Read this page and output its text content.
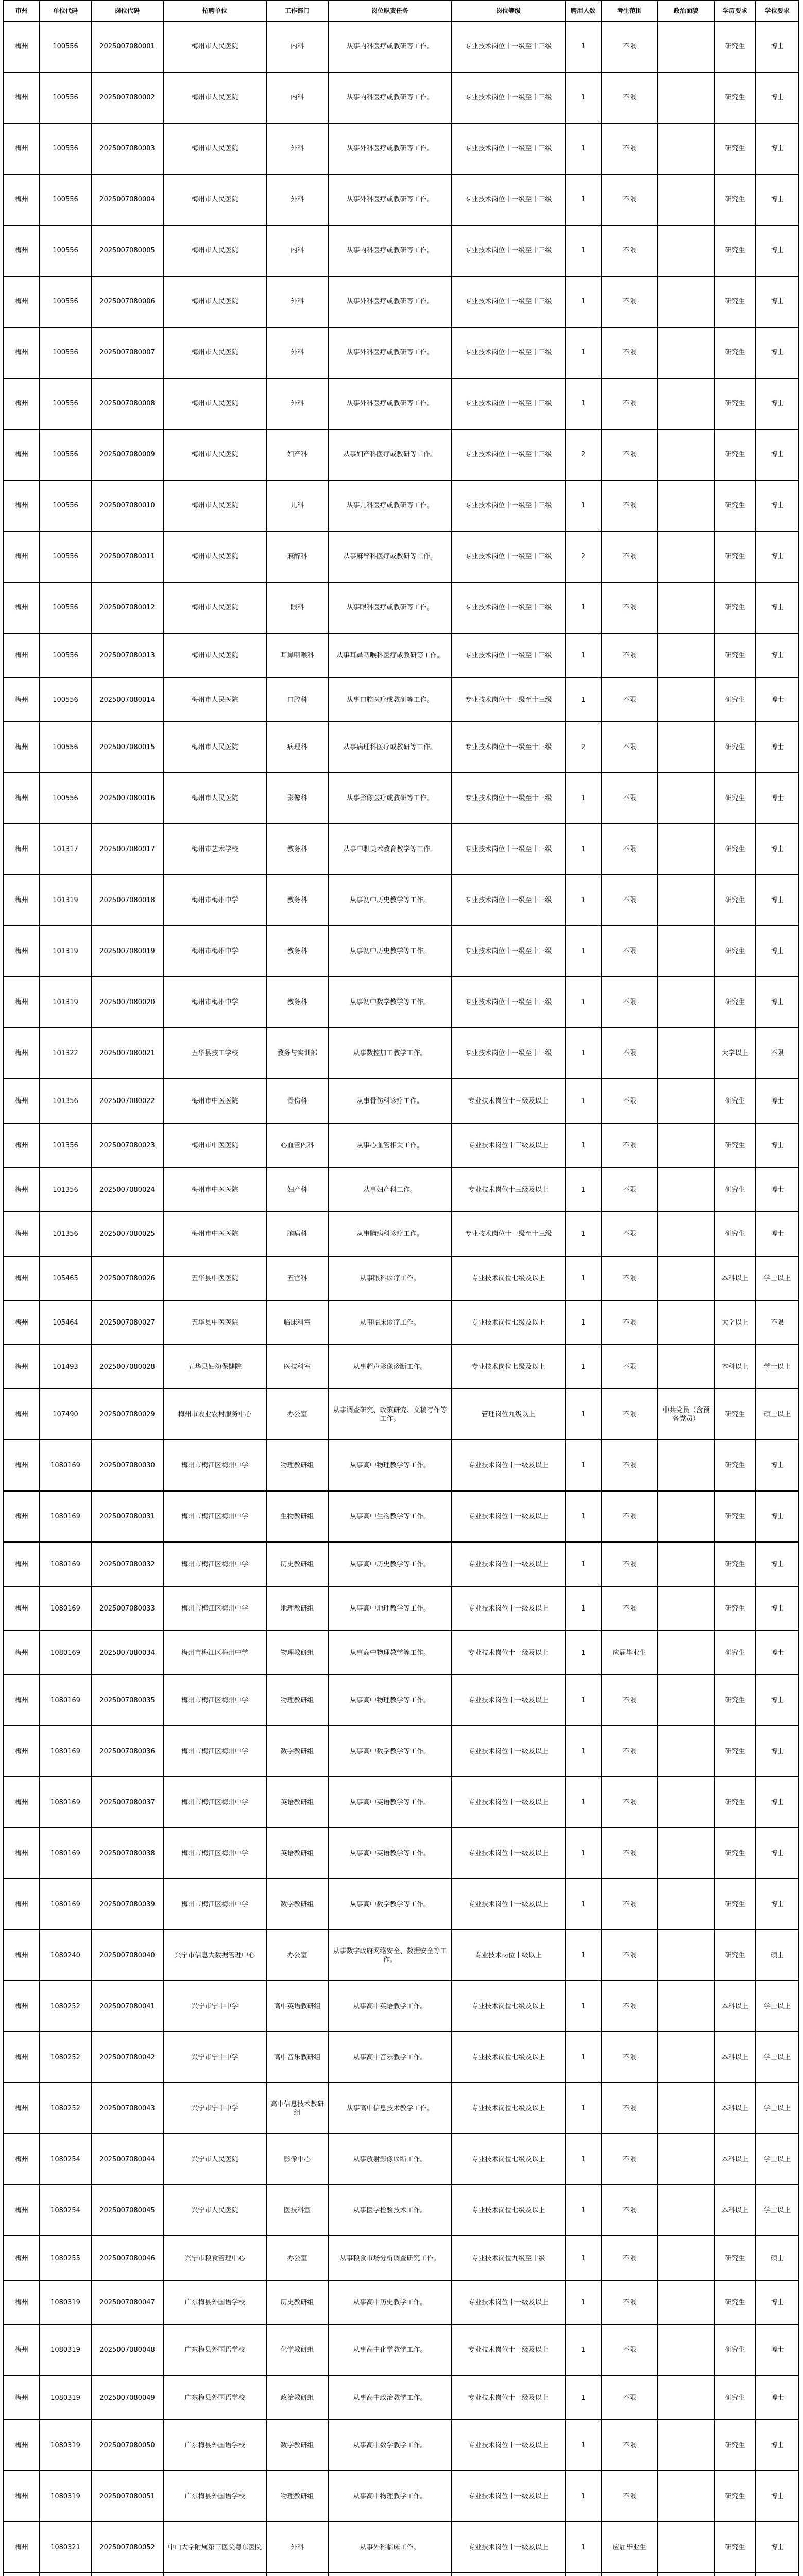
市州	单位代码	岗位代码	招聘单位	工作部门	岗位职责任务	岗位等级	聘用人数	考生范围	政治面貌	学历要求	学位要求
梅州	100556	2025007080001	梅州市人民医院	内科	从事内科医疗或教研等工作。	专业技术岗位十一级至十三级	1	不限		研究生	博士
梅州	100556	2025007080002	梅州市人民医院	内科	从事内科医疗或教研等工作。	专业技术岗位十一级至十三级	1	不限		研究生	博士
梅州	100556	2025007080003	梅州市人民医院	外科	从事外科医疗或教研等工作。	专业技术岗位十一级至十三级	1	不限		研究生	博士
梅州	100556	2025007080004	梅州市人民医院	外科	从事外科医疗或教研等工作。	专业技术岗位十一级至十三级	1	不限		研究生	博士
梅州	100556	2025007080005	梅州市人民医院	内科	从事内科医疗或教研等工作。	专业技术岗位十一级至十三级	1	不限		研究生	博士
梅州	100556	2025007080006	梅州市人民医院	外科	从事外科医疗或教研等工作。	专业技术岗位十一级至十三级	1	不限		研究生	博士
梅州	100556	2025007080007	梅州市人民医院	外科	从事外科医疗或教研等工作。	专业技术岗位十一级至十三级	1	不限		研究生	博士
梅州	100556	2025007080008	梅州市人民医院	外科	从事外科医疗或教研等工作。	专业技术岗位十一级至十三级	1	不限		研究生	博士
梅州	100556	2025007080009	梅州市人民医院	妇产科	从事妇产科医疗或教研等工作。	专业技术岗位十一级至十三级	2	不限		研究生	博士
梅州	100556	2025007080010	梅州市人民医院	儿科	从事儿科医疗或教研等工作。	专业技术岗位十一级至十三级	1	不限		研究生	博士
梅州	100556	2025007080011	梅州市人民医院	麻醉科	从事麻醉科医疗或教研等工作。	专业技术岗位十一级至十三级	2	不限		研究生	博士
梅州	100556	2025007080012	梅州市人民医院	眼科	从事眼科医疗或教研等工作。	专业技术岗位十一级至十三级	1	不限		研究生	博士
梅州	100556	2025007080013	梅州市人民医院	耳鼻咽喉科	从事耳鼻咽喉科医疗或教研等工作。	专业技术岗位十一级至十三级	1	不限		研究生	博士
梅州	100556	2025007080014	梅州市人民医院	口腔科	从事口腔医疗或教研等工作。	专业技术岗位十一级至十三级	1	不限		研究生	博士
梅州	100556	2025007080015	梅州市人民医院	病理科	从事病理科医疗或教研等工作。	专业技术岗位十一级至十三级	2	不限		研究生	博士
梅州	100556	2025007080016	梅州市人民医院	影像科	从事影像医疗或教研等工作。	专业技术岗位十一级至十三级	1	不限		研究生	博士
梅州	101317	2025007080017	梅州市艺术学校	教务科	从事中职美术教育教学等工作。	专业技术岗位十一级至十三级	1	不限		研究生	博士
梅州	101319	2025007080018	梅州市梅州中学	教务科	从事初中历史教学等工作。	专业技术岗位十一级至十三级	1	不限		研究生	博士
梅州	101319	2025007080019	梅州市梅州中学	教务科	从事初中历史教学等工作。	专业技术岗位十一级至十三级	1	不限		研究生	博士
梅州	101319	2025007080020	梅州市梅州中学	教务科	从事初中数学教学等工作。	专业技术岗位十一级至十三级	1	不限		研究生	博士
梅州	101322	2025007080021	五华县技工学校	教务与实训部	从事数控加工教学工作。	专业技术岗位十一级至十三级	1	不限		大学以上	不限
梅州	101356	2025007080022	梅州市中医医院	骨伤科	从事骨伤科诊疗工作。	专业技术岗位十三级及以上	1	不限		研究生	博士
梅州	101356	2025007080023	梅州市中医医院	心血管内科	从事心血管相关工作。	专业技术岗位十三级及以上	1	不限		研究生	博士
梅州	101356	2025007080024	梅州市中医医院	妇产科	从事妇产科工作。	专业技术岗位十三级及以上	1	不限		研究生	博士
梅州	101356	2025007080025	梅州市中医医院	脑病科	从事脑病科诊疗工作。	专业技术岗位十一级至十三级	1	不限		研究生	博士
梅州	105465	2025007080026	五华县中医医院	五官科	从事眼科诊疗工作。	专业技术岗位七级及以上	1	不限		本科以上	学士以上
梅州	105464	2025007080027	五华县中医医院	临床科室	从事临床诊疗工作。	专业技术岗位七级及以上	1	不限		大学以上	不限
梅州	101493	2025007080028	五华县妇幼保健院	医技科室	从事超声影像诊断工作。	专业技术岗位七级及以上	1	不限		本科以上	学士以上
梅州	107490	2025007080029	梅州市农业农村服务中心	办公室	从事调查研究、政策研究、文稿写作等工作。	管理岗位九级以上	1	不限	中共党员（含预备党员）	研究生	硕士以上
梅州	1080169	2025007080030	梅州市梅江区梅州中学	物理教研组	从事高中物理教学等工作。	专业技术岗位十一级及以上	1	不限		研究生	博士
梅州	1080169	2025007080031	梅州市梅江区梅州中学	生物教研组	从事高中生物教学等工作。	专业技术岗位十一级及以上	1	不限		研究生	博士
梅州	1080169	2025007080032	梅州市梅江区梅州中学	历史教研组	从事高中历史教学等工作。	专业技术岗位十一级及以上	1	不限		研究生	博士
梅州	1080169	2025007080033	梅州市梅江区梅州中学	地理教研组	从事高中地理教学等工作。	专业技术岗位十一级及以上	1	不限		研究生	博士
梅州	1080169	2025007080034	梅州市梅江区梅州中学	物理教研组	从事高中物理教学等工作。	专业技术岗位十一级及以上	1	应届毕业生		研究生	博士
梅州	1080169	2025007080035	梅州市梅江区梅州中学	物理教研组	从事高中物理教学等工作。	专业技术岗位十一级及以上	1	不限		研究生	博士
梅州	1080169	2025007080036	梅州市梅江区梅州中学	数学教研组	从事高中数学教学等工作。	专业技术岗位十一级及以上	1	不限		研究生	博士
梅州	1080169	2025007080037	梅州市梅江区梅州中学	英语教研组	从事高中英语教学等工作。	专业技术岗位十一级及以上	1	不限		研究生	博士
梅州	1080169	2025007080038	梅州市梅江区梅州中学	英语教研组	从事高中英语教学等工作。	专业技术岗位十一级及以上	1	不限		研究生	博士
梅州	1080169	2025007080039	梅州市梅江区梅州中学	数学教研组	从事高中数学教学等工作。	专业技术岗位十一级及以上	1	不限		研究生	博士
梅州	1080240	2025007080040	兴宁市信息大数据管理中心	办公室	从事数字政府网络安全、数据安全等工作。	专业技术岗位十级以上	1	不限		研究生	硕士
梅州	1080252	2025007080041	兴宁市宁中中学	高中英语教研组	从事高中英语教学工作。	专业技术岗位七级及以上	1	不限		本科以上	学士以上
梅州	1080252	2025007080042	兴宁市宁中中学	高中音乐教研组	从事高中音乐教学工作。	专业技术岗位七级及以上	1	不限		本科以上	学士以上
梅州	1080252	2025007080043	兴宁市宁中中学	高中信息技术教研组	从事高中信息技术教学工作。	专业技术岗位七级及以上	1	不限		本科以上	学士以上
梅州	1080254	2025007080044	兴宁市人民医院	影像中心	从事放射影像诊断工作。	专业技术岗位七级及以上	1	不限		本科以上	学士以上
梅州	1080254	2025007080045	兴宁市人民医院	医技科室	从事医学检验技术工作。	专业技术岗位七级及以上	1	不限		本科以上	学士以上
梅州	1080255	2025007080046	兴宁市粮食管理中心	办公室	从事粮食市场分析调查研究工作。	专业技术岗位九级至十级	1	不限		研究生	硕士
梅州	1080319	2025007080047	广东梅县外国语学校	历史教研组	从事高中历史教学工作。	专业技术岗位十一级及以上	1	不限		研究生	博士
梅州	1080319	2025007080048	广东梅县外国语学校	化学教研组	从事高中化学教学工作。	专业技术岗位十一级及以上	1	不限		研究生	博士
梅州	1080319	2025007080049	广东梅县外国语学校	政治教研组	从事高中政治教学工作。	专业技术岗位十一级及以上	1	不限		研究生	博士
梅州	1080319	2025007080050	广东梅县外国语学校	数学教研组	从事高中数学教学工作。	专业技术岗位十一级及以上	1	不限		研究生	博士
梅州	1080319	2025007080051	广东梅县外国语学校	物理教研组	从事高中物理教学工作。	专业技术岗位十一级及以上	1	不限		研究生	博士
梅州	1080321	2025007080052	中山大学附属第三医院粤东医院	外科	从事外科临床工作。	专业技术岗位十一级及以上	1	应届毕业生		研究生	博士
